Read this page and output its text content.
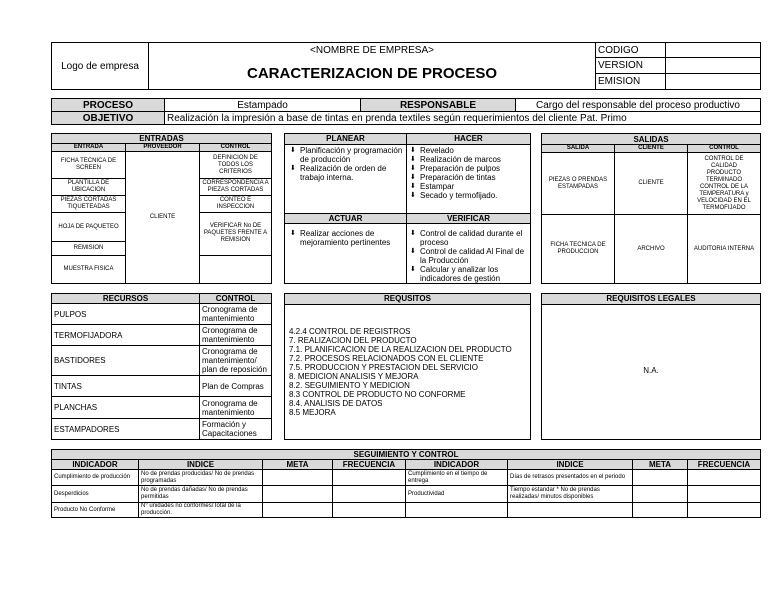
Logo de empresa	<NOMBRE DE EMPRESA>	CODIGO	
	CARACTERIZACION DE PROCESO	VERSION	
		EMISION	
PROCESO	Estampado	RESPONSABLE	Cargo del responsable del proceso productivo
OBJETIVO	Realización la impresión a base de tintas en prenda textiles según requerimientos del cliente Pat. Primo		
ENTRADAS		
ENTRADA	PROVEEDOR	CONTROL
FICHA TECNICA DE SCREEN	CLIENTE	DEFINICION DE TODOS LOS CRITERIOS
PLANTILLA DE UBICACION		CORRESPONDENCIA A PIEZAS CORTADAS
PIEZAS CORTADAS TIQUETEADAS		CONTEO E INSPECCION
HOJA DE PAQUETEO		VERIFICAR No DE PAQUETES FRENTE A REMISION
REMISION		
MUESTRA FISICA		
PLANEAR	HACER
⬇ Planificación y programación de producción
⬇ Realización de orden de trabajo interna.
⬇ Revelado
⬇ Realización de marcos
⬇ Preparación de pulpos
⬇ Preparación de tintas
⬇ Estampar
⬇ Secado y termofijado.
ACTUAR	VERIFICAR
⬇ Realizar acciones de mejoramiento pertinentes
⬇ Control de calidad durante el proceso
⬇ Control de calidad Al Final de la Producción
⬇ Calcular y analizar los indicadores de gestión
SALIDAS		
SALIDA	CLIENTE	CONTROL
PIEZAS O PRENDAS ESTAMPADAS	CLIENTE	CONTROL DE CALIDAD PRODUCTO TERMINADO CONTROL DE LA TEMPERATURA y VELOCIDAD EN EL TERMOFIJADO
FICHA TECNICA DE PRODUCCION	ARCHIVO	AUDITORIA INTERNA
RECURSOS	CONTROL
PULPOS	Cronograma de mantenimiento
TERMOFIJADORA	Cronograma de mantenimiento
BASTIDORES	Cronograma de mantenimiento/ plan de reposición
TINTAS	Plan de Compras
PLANCHAS	Cronograma de mantenimiento
ESTAMPADORES	Formación y Capacitaciones
REQUSITOS
4.2.4 CONTROL DE REGISTROS
7. REALIZACION DEL PRODUCTO
7.1. PLANIFICACION DE LA REALIZACION DEL PRODUCTO
7.2. PROCESOS RELACIONADOS CON EL CLIENTE
7.5. PRODUCCION Y PRESTACION DEL SERVICIO
8. MEDICION ANALISIS Y MEJORA
8.2. SEGUIMIENTO Y MEDICION
8.3 CONTROL DE PRODUCTO NO CONFORME
8.4. ANALISIS DE DATOS
8.5 MEJORA
REQUISITOS LEGALES
N.A.
SEGUIMIENTO Y CONTROL							
INDICADOR	INDICE	META	FRECUENCIA	INDICADOR	INDICE	META	FRECUENCIA
Cumplimiento de producción	No de prendas producidas/ No de prendas programadas			Cumplimiento en el tiempo de entrega	Días de retrasos presentados en el periodo		
Desperdicios	No de prendas dañadas/ No de prendas permitidas			Productividad	Tiempo estandar * No de prendas realizadas/ minutos disponibles		
Producto No Conforme	N° unidades no conformes/Total de la producción.						
